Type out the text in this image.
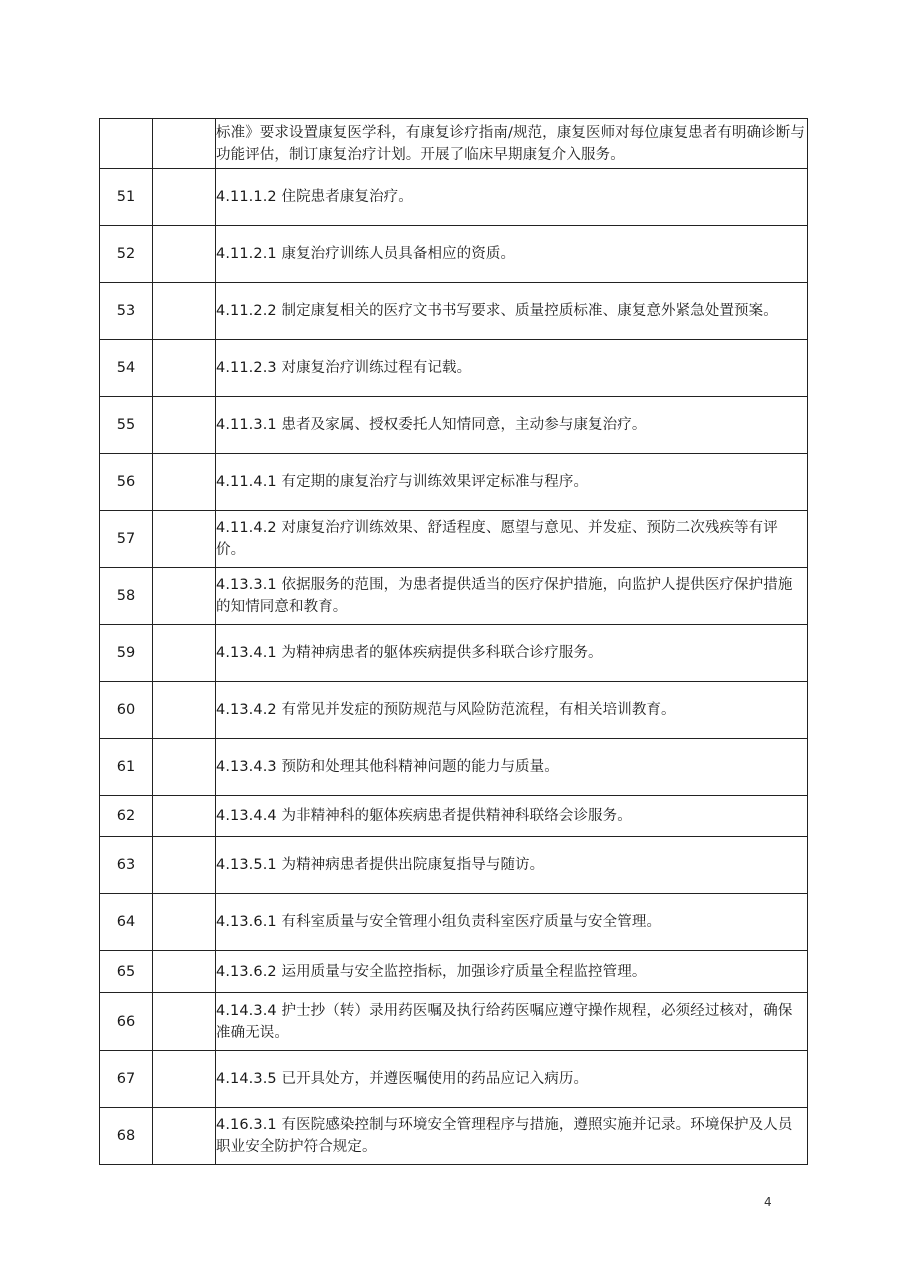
		标准》要求设置康复医学科，有康复诊疗指南/规范，康复医师对每位康复患者有明确诊断与功能评估，制订康复治疗计划。开展了临床早期康复介入服务。
51		4.11.1.2 住院患者康复治疗。
52		4.11.2.1 康复治疗训练人员具备相应的资质。
53		4.11.2.2 制定康复相关的医疗文书书写要求、质量控质标准、康复意外紧急处置预案。
54		4.11.2.3 对康复治疗训练过程有记载。
55		4.11.3.1 患者及家属、授权委托人知情同意，主动参与康复治疗。
56		4.11.4.1 有定期的康复治疗与训练效果评定标准与程序。
57		4.11.4.2 对康复治疗训练效果、舒适程度、愿望与意见、并发症、预防二次残疾等有评价。
58		4.13.3.1 依据服务的范围，为患者提供适当的医疗保护措施，向监护人提供医疗保护措施的知情同意和教育。
59		4.13.4.1 为精神病患者的躯体疾病提供多科联合诊疗服务。
60		4.13.4.2 有常见并发症的预防规范与风险防范流程，有相关培训教育。
61		4.13.4.3 预防和处理其他科精神问题的能力与质量。
62		4.13.4.4 为非精神科的躯体疾病患者提供精神科联络会诊服务。
63		4.13.5.1 为精神病患者提供出院康复指导与随访。
64		4.13.6.1 有科室质量与安全管理小组负责科室医疗质量与安全管理。
65		4.13.6.2 运用质量与安全监控指标，加强诊疗质量全程监控管理。
66		4.14.3.4 护士抄（转）录用药医嘱及执行给药医嘱应遵守操作规程，必须经过核对，确保准确无误。
67		4.14.3.5 已开具处方，并遵医嘱使用的药品应记入病历。
68		4.16.3.1 有医院感染控制与环境安全管理程序与措施，遵照实施并记录。环境保护及人员职业安全防护符合规定。
4
